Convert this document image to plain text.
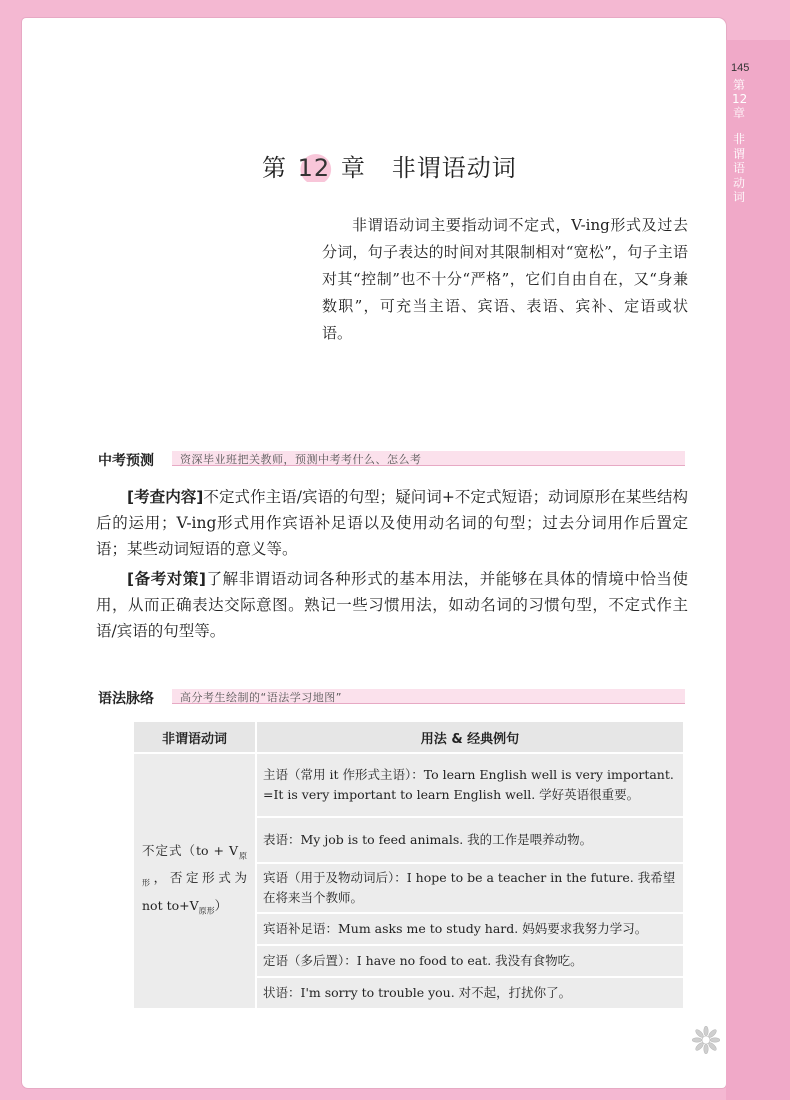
145
第12章
非谓语动词
第 12 章 非谓语动词
非谓语动词主要指动词不定式，V-ing形式及过去分词，句子表达的时间对其限制相对“宽松”，句子主语对其“控制”也不十分“严格”，它们自由自在，又“身兼数职”，可充当主语、宾语、表语、宾补、定语或状语。
中考预测 资深毕业班把关教师，预测中考考什么、怎么考
[考查内容]不定式作主语/宾语的句型；疑问词+不定式短语；动词原形在某些结构后的运用；V-ing形式用作宾语补足语以及使用动名词的句型；过去分词用作后置定语；某些动词短语的意义等。
[备考对策]了解非谓语动词各种形式的基本用法，并能够在具体的情境中恰当使用，从而正确表达交际意图。熟记一些习惯用法，如动名词的习惯句型，不定式作主语/宾语的句型等。
语法脉络 高分考生绘制的“语法学习地图”
非谓语动词	用法 & 经典例句
不定式（$to + V_{原形}$，否定形式为 not $to+V_{原形}$）	主语（常用 it 作形式主语）：To learn English well is very important. =It is very important to learn English well. 学好英语很重要。
	表语：My job is to feed animals. 我的工作是喂养动物。
	宾语（用于及物动词后）：I hope to be a teacher in the future. 我希望在将来当个教师。
	宾语补足语：Mum asks me to study hard. 妈妈要求我努力学习。
	定语（多后置）：I have no food to eat. 我没有食物吃。
	状语：I'm sorry to trouble you. 对不起，打扰你了。
